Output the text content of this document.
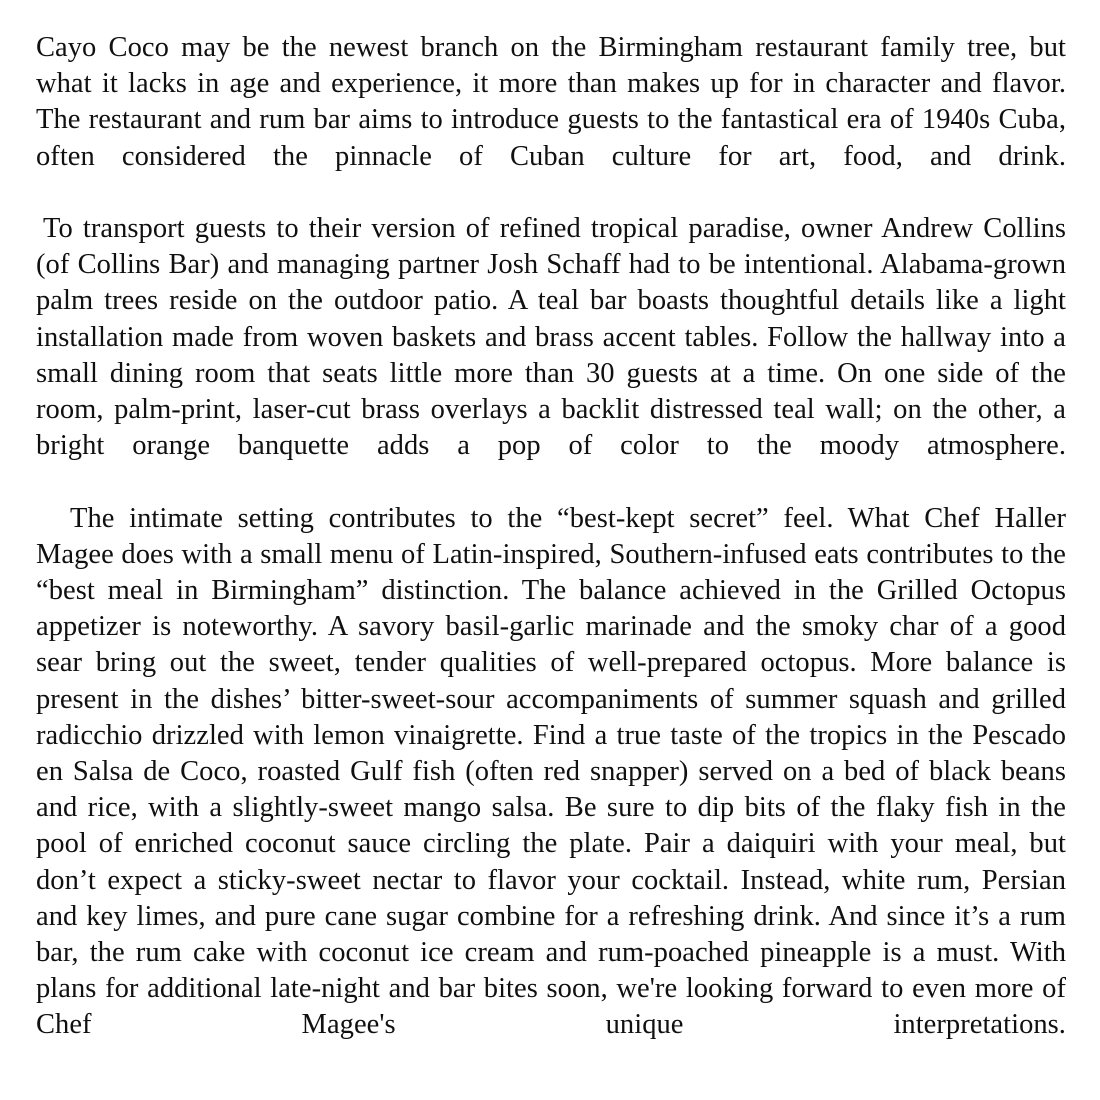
Cayo Coco may be the newest branch on the Birmingham restaurant family tree, but what it lacks in age and experience, it more than makes up for in character and flavor. The restaurant and rum bar aims to introduce guests to the fantastical era of 1940s Cuba, often considered the pinnacle of Cuban culture for art, food, and drink.

To transport guests to their version of refined tropical paradise, owner Andrew Collins (of Collins Bar) and managing partner Josh Schaff had to be intentional. Alabama-grown palm trees reside on the outdoor patio. A teal bar boasts thoughtful details like a light installation made from woven baskets and brass accent tables. Follow the hallway into a small dining room that seats little more than 30 guests at a time. On one side of the room, palm-print, laser-cut brass overlays a backlit distressed teal wall; on the other, a bright orange banquette adds a pop of color to the moody atmosphere.

The intimate setting contributes to the “best-kept secret” feel. What Chef Haller Magee does with a small menu of Latin-inspired, Southern-infused eats contributes to the “best meal in Birmingham” distinction. The balance achieved in the Grilled Octopus appetizer is noteworthy. A savory basil-garlic marinade and the smoky char of a good sear bring out the sweet, tender qualities of well-prepared octopus. More balance is present in the dishes’ bitter-sweet-sour accompaniments of summer squash and grilled radicchio drizzled with lemon vinaigrette. Find a true taste of the tropics in the Pescado en Salsa de Coco, roasted Gulf fish (often red snapper) served on a bed of black beans and rice, with a slightly-sweet mango salsa. Be sure to dip bits of the flaky fish in the pool of enriched coconut sauce circling the plate. Pair a daiquiri with your meal, but don’t expect a sticky-sweet nectar to flavor your cocktail. Instead, white rum, Persian and key limes, and pure cane sugar combine for a refreshing drink. And since it’s a rum bar, the rum cake with coconut ice cream and rum-poached pineapple is a must. With plans for additional late-night and bar bites soon, we're looking forward to even more of Chef Magee's unique interpretations.
